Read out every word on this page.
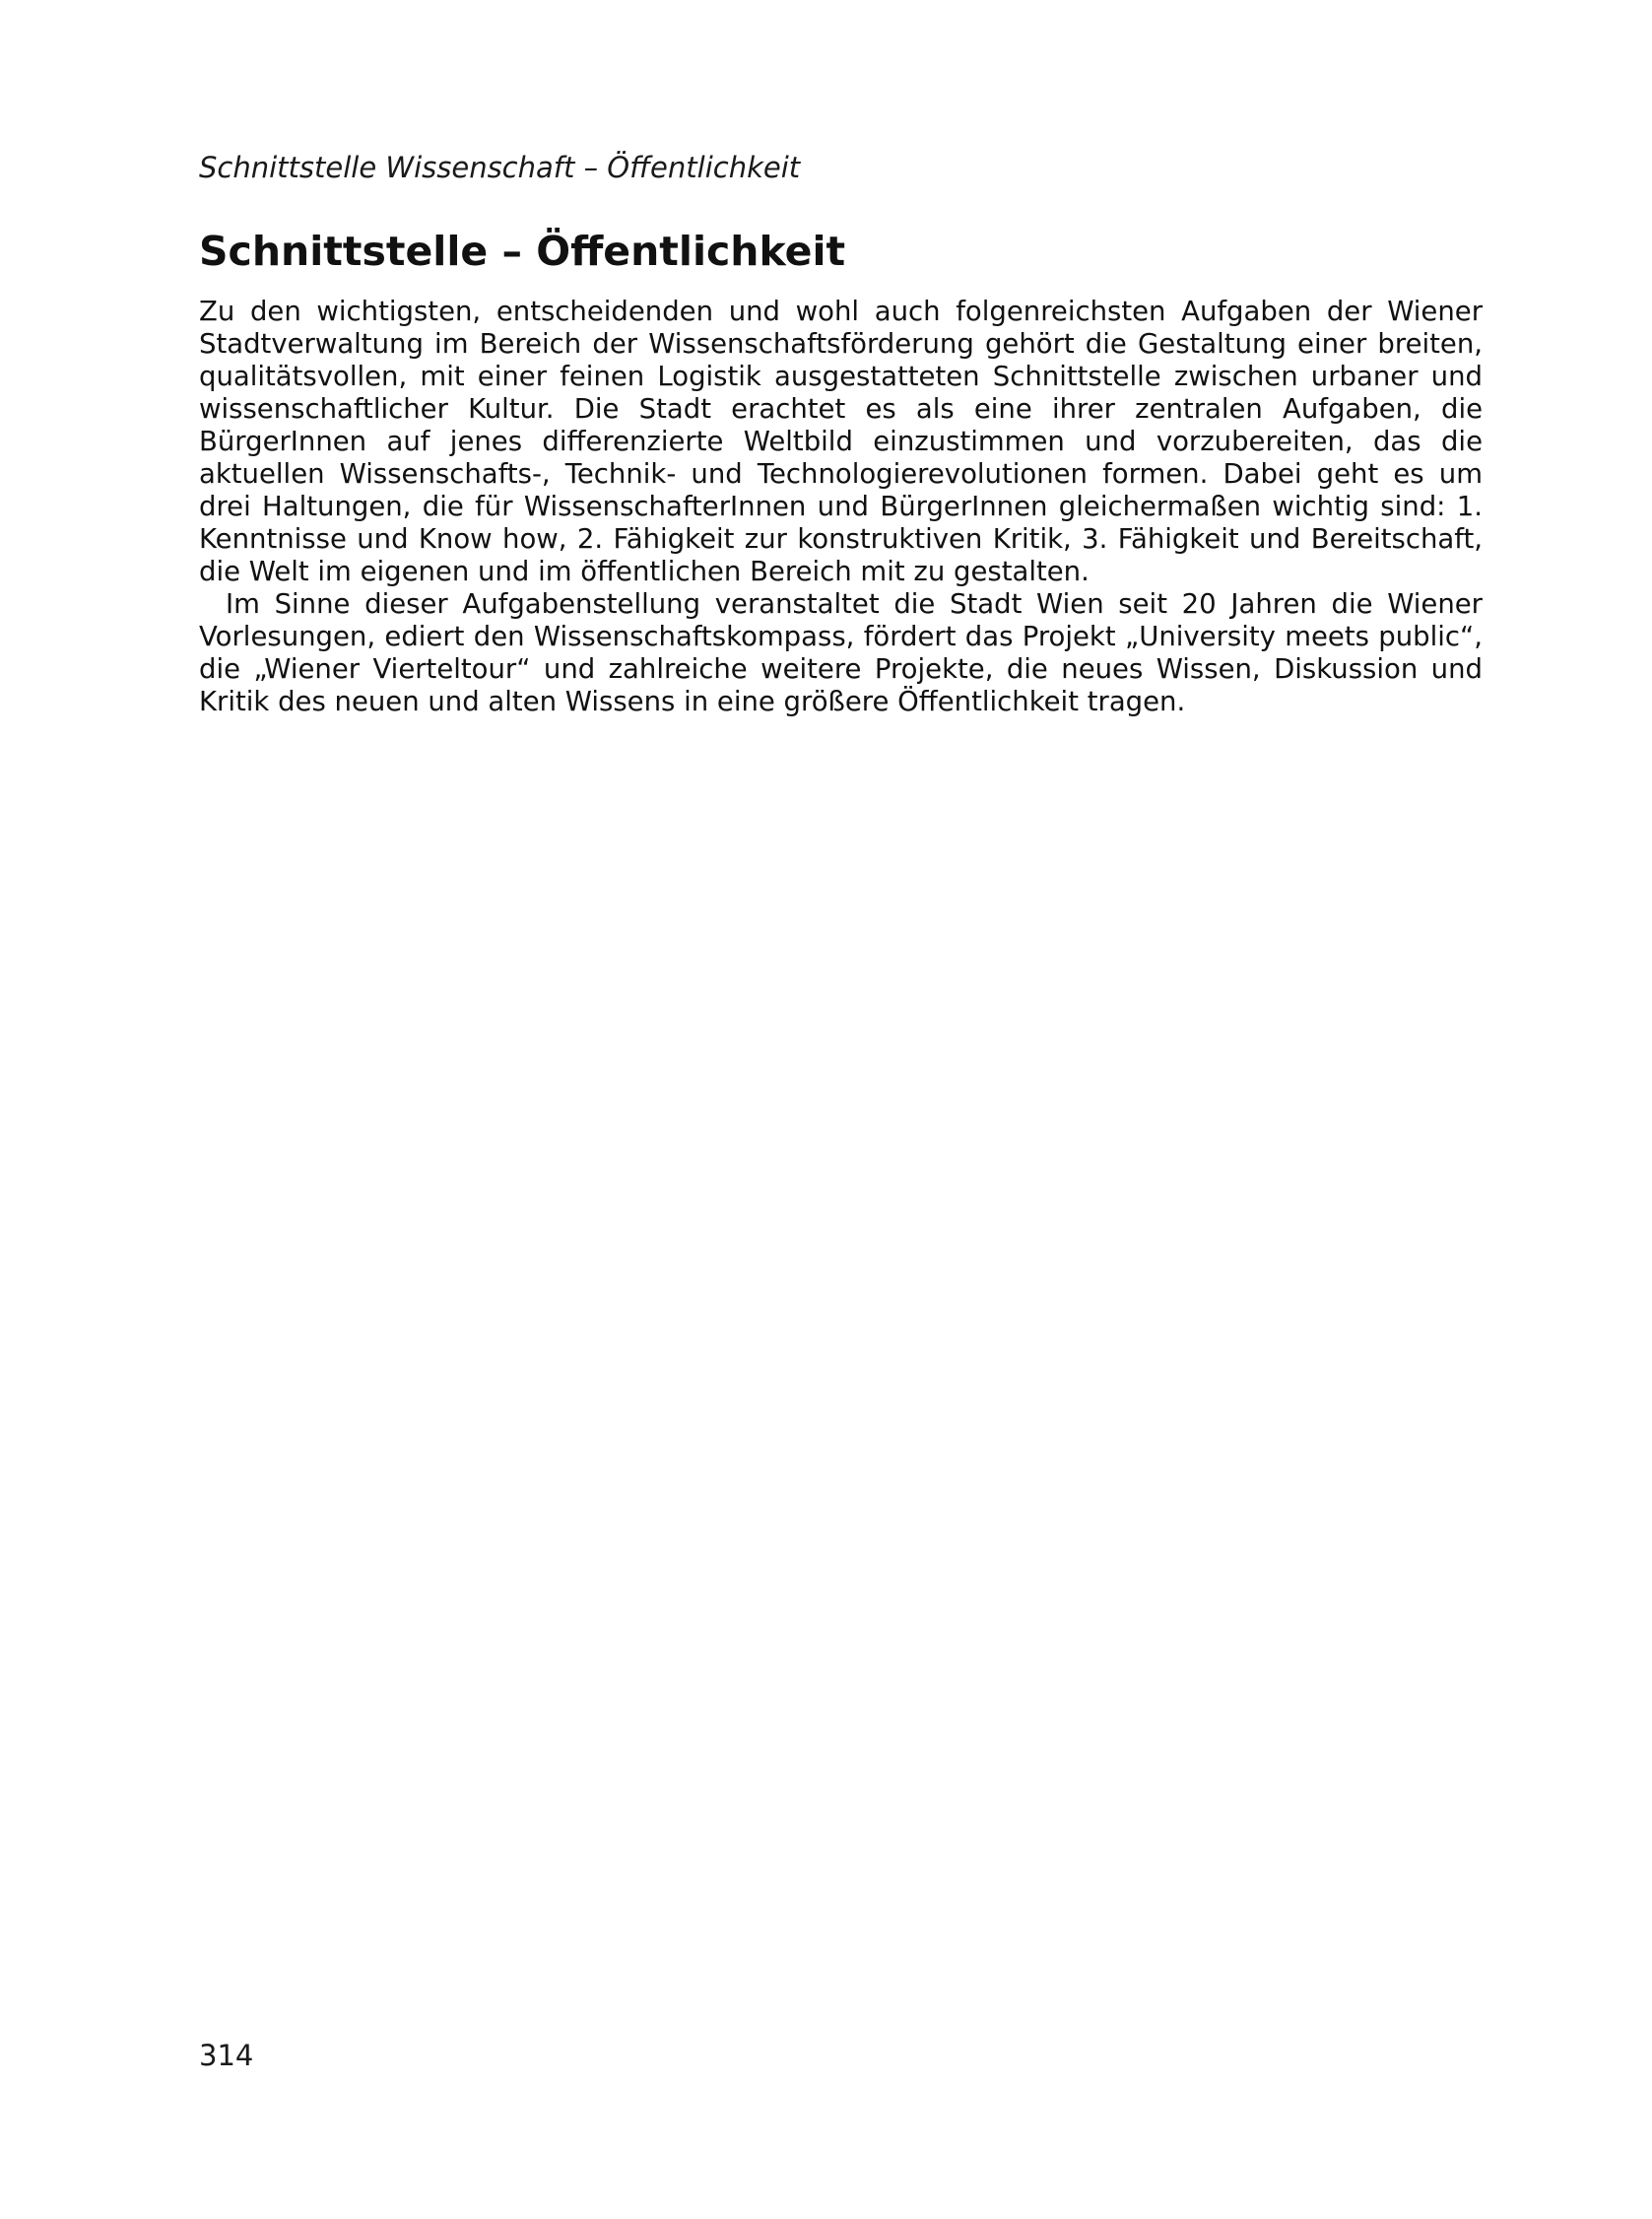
Schnittstelle Wissenschaft – Öffentlichkeit
Schnittstelle – Öffentlichkeit

Zu den wichtigsten, entscheidenden und wohl auch folgenreichsten Aufgaben der Wiener Stadtverwaltung im Bereich der Wissenschaftsförderung gehört die Gestaltung einer breiten, qualitätsvollen, mit einer feinen Logistik ausgestatteten Schnittstelle zwischen urbaner und wissenschaftlicher Kultur. Die Stadt erachtet es als eine ihrer zentralen Aufgaben, die BürgerInnen auf jenes differenzierte Weltbild einzustimmen und vorzubereiten, das die aktuellen Wissenschafts-, Technik- und Technologierevolutionen formen. Dabei geht es um drei Haltungen, die für WissenschafterInnen und BürgerInnen gleichermaßen wichtig sind: 1. Kenntnisse und Know how, 2. Fähigkeit zur konstruktiven Kritik, 3. Fähigkeit und Bereitschaft, die Welt im eigenen und im öffentlichen Bereich mit zu gestalten.

Im Sinne dieser Aufgabenstellung veranstaltet die Stadt Wien seit 20 Jahren die Wiener Vorlesungen, ediert den Wissenschaftskompass, fördert das Projekt „University meets public“, die „Wiener Vierteltour“ und zahlreiche weitere Projekte, die neues Wissen, Diskussion und Kritik des neuen und alten Wissens in eine größere Öffentlichkeit tragen.

314
